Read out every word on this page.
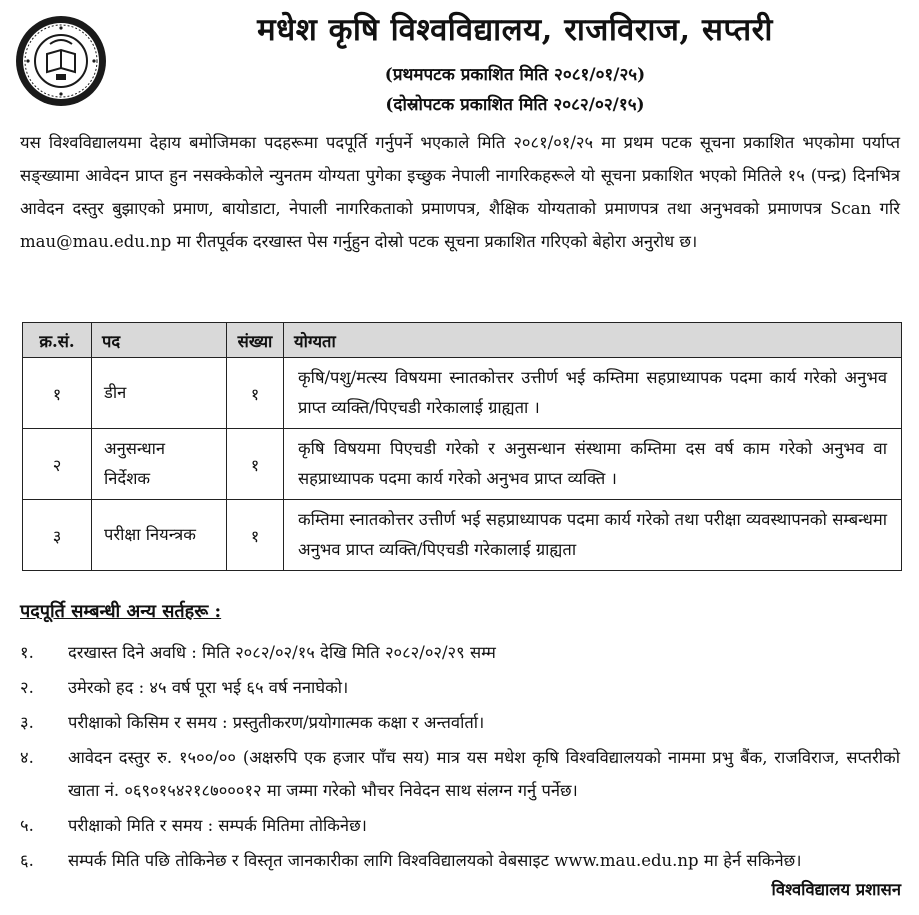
मधेश कृषि विश्वविद्यालय, राजविराज, सप्तरी
(प्रथमपटक प्रकाशित मिति २०८१/०१/२५)
(दोस्रोपटक प्रकाशित मिति २०८२/०२/१५)

यस विश्वविद्यालयमा देहाय बमोजिमका पदहरूमा पदपूर्ति गर्नुपर्ने भएकाले मिति २०८१/०१/२५ मा प्रथम पटक सूचना प्रकाशित भएकोमा पर्याप्त सङ्ख्यामा आवेदन प्राप्त हुन नसक्केकोले न्युनतम योग्यता पुगेका इच्छुक नेपाली नागरिकहरूले यो सूचना प्रकाशित भएको मितिले १५ (पन्द्र) दिनभित्र आवेदन दस्तुर बुझाएको प्रमाण, बायोडाटा, नेपाली नागरिकताको प्रमाणपत्र, शैक्षिक योग्यताको प्रमाणपत्र तथा अनुभवको प्रमाणपत्र Scan गरि mau@mau.edu.np मा रीतपूर्वक दरखास्त पेस गर्नुहुन दोस्रो पटक सूचना प्रकाशित गरिएको बेहोरा अनुरोध छ।

क्र.सं.	पद	संख्या	योग्यता
१	डीन	१	कृषि/पशु/मत्स्य विषयमा स्नातकोत्तर उत्तीर्ण भई कम्तिमा सहप्राध्यापक पदमा कार्य गरेको अनुभव प्राप्त व्यक्ति/पिएचडी गरेकालाई ग्राह्यता ।
२	अनुसन्धान निर्देशक	१	कृषि विषयमा पिएचडी गरेको र अनुसन्धान संस्थामा कम्तिमा दस वर्ष काम गरेको अनुभव वा सहप्राध्यापक पदमा कार्य गरेको अनुभव प्राप्त व्यक्ति ।
३	परीक्षा नियन्त्रक	१	कम्तिमा स्नातकोत्तर उत्तीर्ण भई सहप्राध्यापक पदमा कार्य गरेको तथा परीक्षा व्यवस्थापनको सम्बन्धमा अनुभव प्राप्त व्यक्ति/पिएचडी गरेकालाई ग्राह्यता
पदपूर्ति सम्बन्धी अन्य सर्तहरू :
१. दरखास्त दिने अवधि : मिति २०८२/०२/१५ देखि मिति २०८२/०२/२९ सम्म
२. उमेरको हद : ४५ वर्ष पूरा भई ६५ वर्ष ननाघेको।
३. परीक्षाको किसिम र समय : प्रस्तुतीकरण/प्रयोगात्मक कक्षा र अन्तर्वार्ता।
४. आवेदन दस्तुर रु. १५००/०० (अक्षरुपि एक हजार पाँच सय) मात्र यस मधेश कृषि विश्वविद्यालयको नाममा प्रभु बैंक, राजविराज, सप्तरीको खाता नं. ०६९०१५४२१८७०००१२ मा जम्मा गरेको भौचर निवेदन साथ संलग्न गर्नु पर्नेछ।
५. परीक्षाको मिति र समय : सम्पर्क मितिमा तोकिनेछ।
६. सम्पर्क मिति पछि तोकिनेछ र विस्तृत जानकारीका लागि विश्वविद्यालयको वेबसाइट www.mau.edu.np मा हेर्न सकिनेछ।
विश्वविद्यालय प्रशासन
